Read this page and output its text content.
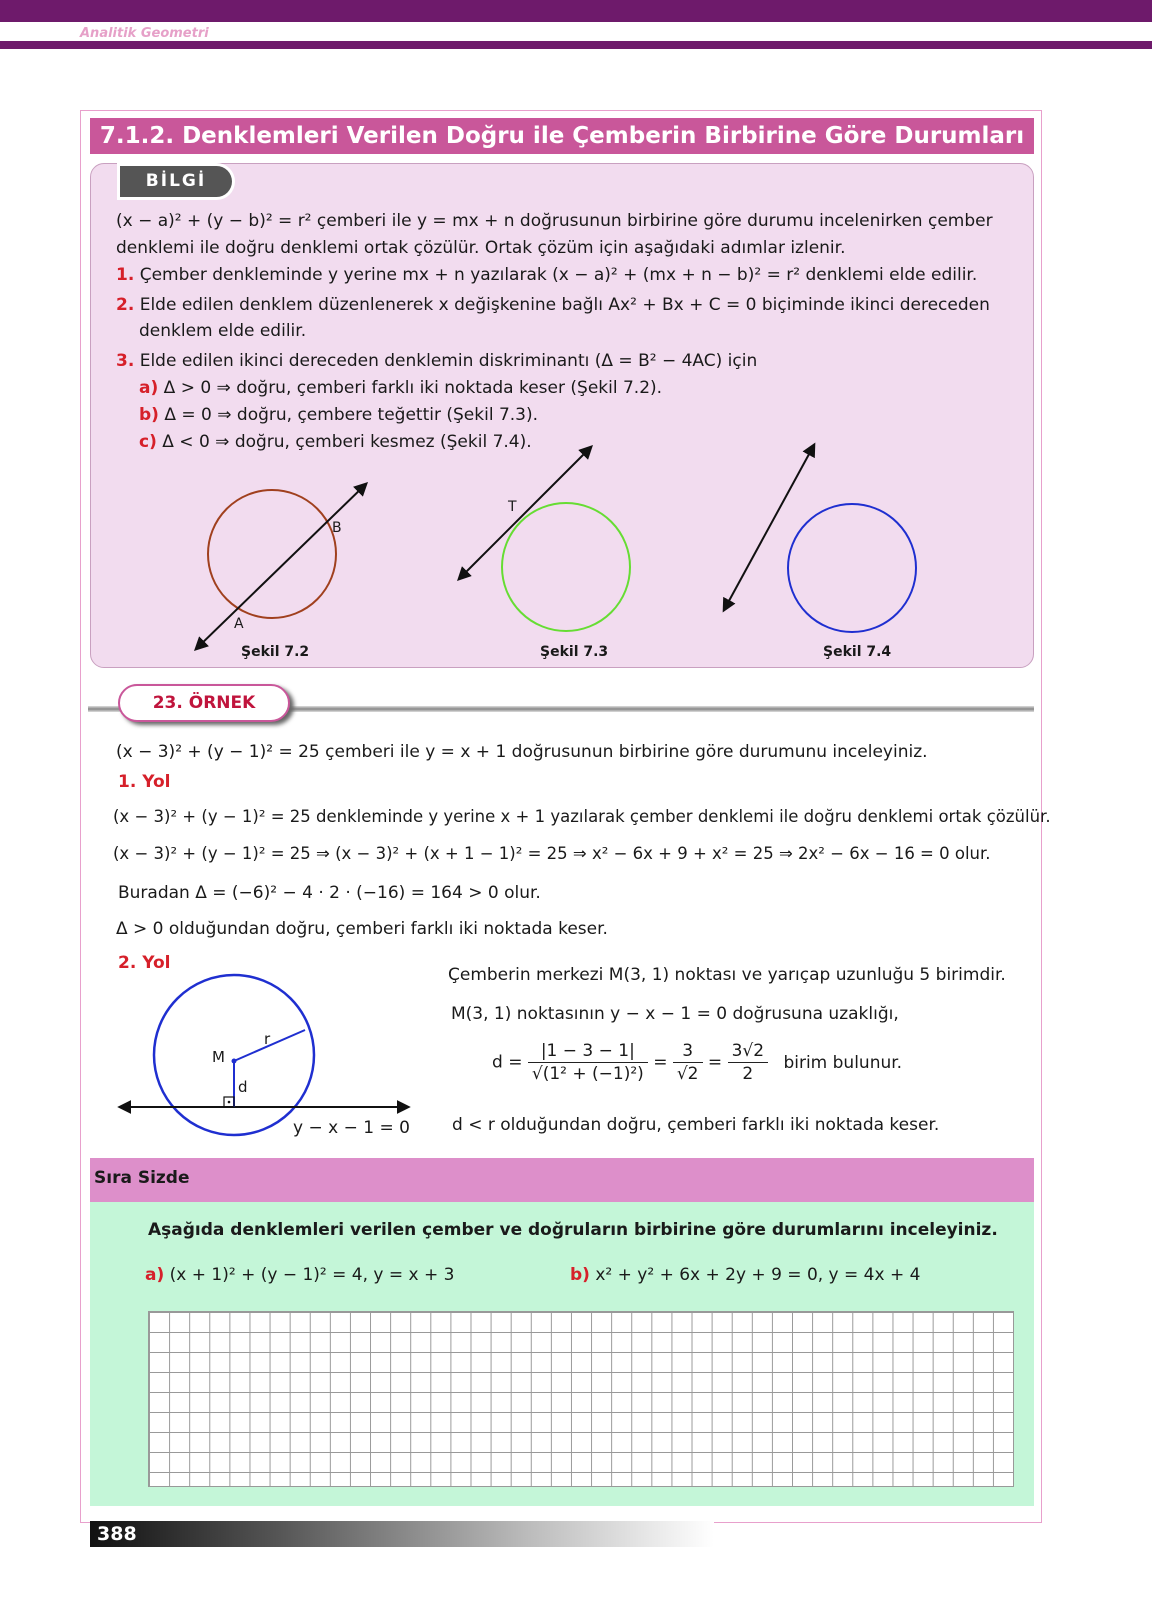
Analitik Geometri
7.1.2. Denklemleri Verilen Doğru ile Çemberin Birbirine Göre Durumları
BİLGİ
(x − a)² + (y − b)² = r² çemberi ile y = mx + n doğrusunun birbirine göre durumu incelenirken çember
denklemi ile doğru denklemi ortak çözülür. Ortak çözüm için aşağıdaki adımlar izlenir.
1. Çember denkleminde y yerine mx + n yazılarak (x − a)² + (mx + n − b)² = r² denklemi elde edilir.
2. Elde edilen denklem düzenlenerek x değişkenine bağlı Ax² + Bx + C = 0 biçiminde ikinci dereceden
denklem elde edilir.
3. Elde edilen ikinci dereceden denklemin diskriminantı (Δ = B² − 4AC) için
a) Δ > 0 ⇒ doğru, çemberi farklı iki noktada keser (Şekil 7.2).
b) Δ = 0 ⇒ doğru, çembere teğettir (Şekil 7.3).
c) Δ < 0 ⇒ doğru, çemberi kesmez (Şekil 7.4).
B
A
T
Şekil 7.2	Şekil 7.3	Şekil 7.4
23. ÖRNEK
(x − 3)² + (y − 1)² = 25 çemberi ile y = x + 1 doğrusunun birbirine göre durumunu inceleyiniz.
1. Yol
(x − 3)² + (y − 1)² = 25 denkleminde y yerine x + 1 yazılarak çember denklemi ile doğru denklemi ortak çözülür.
(x − 3)² + (y − 1)² = 25 ⇒ (x − 3)² + (x + 1 − 1)² = 25 ⇒ x² − 6x + 9 + x² = 25 ⇒ 2x² − 6x − 16 = 0 olur.
Buradan Δ = (−6)² − 4 · 2 · (−16) = 164 > 0 olur.
Δ > 0 olduğundan doğru, çemberi farklı iki noktada keser.
2. Yol
M
r
d
y − x − 1 = 0
Çemberin merkezi M(3, 1) noktası ve yarıçap uzunluğu 5 birimdir.
M(3, 1) noktasının y − x − 1 = 0 doğrusuna uzaklığı,
$d = \frac{|1 - 3 - 1|}{\text{√(1² + (−1)²)}} = \frac{3}{√2} = \frac{3√2}{2}$ birim bulunur.
d < r olduğundan doğru, çemberi farklı iki noktada keser.
Sıra Sizde
Aşağıda denklemleri verilen çember ve doğruların birbirine göre durumlarını inceleyiniz.
a) (x + 1)² + (y − 1)² = 4, y = x + 3	b) x² + y² + 6x + 2y + 9 = 0, y = 4x + 4
388
